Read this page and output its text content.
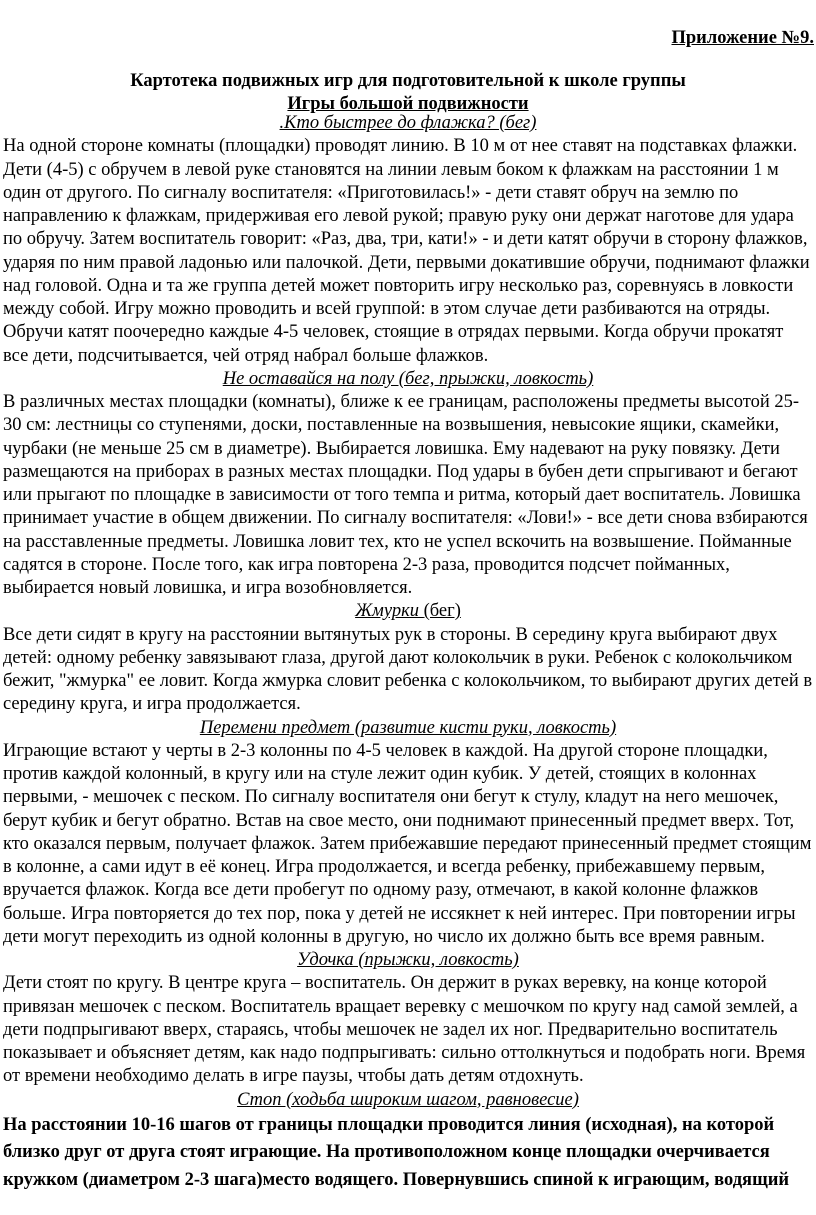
Приложение №9.
Картотека подвижных игр для подготовительной к школе группы
Игры большой подвижности
.Кто быстрее до флажка? (бег)

На одной стороне комнаты (площадки) проводят линию. В 10 м от нее ставят на подставках флажки. Дети (4-5) с обручем в левой руке становятся на линии левым боком к флажкам на расстоянии 1 м один от другого. По сигналу воспитателя: «Приготовилась!» - дети ставят обруч на землю по направлению к флажкам, придерживая его левой рукой; правую руку они держат наготове для удара по обручу. Затем воспитатель говорит: «Раз, два, три, кати!» - и дети катят обручи в сторону флажков, ударяя по ним правой ладонью или палочкой. Дети, первыми докатившие обручи, поднимают флажки над головой. Одна и та же группа детей может повторить игру несколько раз, соревнуясь в ловкости между собой. Игру можно проводить и всей группой: в этом случае дети разбиваются на отряды. Обручи катят поочередно каждые 4-5 человек, стоящие в отрядах первыми. Когда обручи прокатят все дети, подсчитывается, чей отряд набрал больше флажков.

Не оставайся на полу (бег, прыжки, ловкость)

В различных местах площадки (комнаты), ближе к ее границам, расположены предметы высотой 25-30 см: лестницы со ступенями, доски, поставленные на возвышения, невысокие ящики, скамейки, чурбаки (не меньше 25 см в диаметре). Выбирается ловишка. Ему надевают на руку повязку. Дети размещаются на приборах в разных местах площадки. Под удары в бубен дети спрыгивают и бегают или прыгают по площадке в зависимости от того темпа и ритма, который дает воспитатель. Ловишка принимает участие в общем движении. По сигналу воспитателя: «Лови!» - все дети снова взбираются на расставленные предметы. Ловишка ловит тех, кто не успел вскочить на возвышение. Пойманные садятся в стороне. После того, как игра повторена 2-3 раза, проводится подсчет пойманных, выбирается новый ловишка, и игра возобновляется.

Жмурки (бег)

Все дети сидят в кругу на расстоянии вытянутых рук в стороны. В середину круга выбирают двух детей: одному ребенку завязывают глаза, другой дают колокольчик в руки. Ребенок с колокольчиком бежит, "жмурка" ее ловит. Когда жмурка словит ребенка с колокольчиком, то выбирают других детей в середину круга, и игра продолжается.

Перемени предмет (развитие кисти руки, ловкость)

Играющие встают у черты в 2-3 колонны по 4-5 человек в каждой. На другой стороне площадки, против каждой колонный, в кругу или на стуле лежит один кубик. У детей, стоящих в колоннах первыми, - мешочек с песком. По сигналу воспитателя они бегут к стулу, кладут на него мешочек, берут кубик и бегут обратно. Встав на свое место, они поднимают принесенный предмет вверх. Тот, кто оказался первым, получает флажок. Затем прибежавшие передают принесенный предмет стоящим в колонне, а сами идут в её конец. Игра продолжается, и всегда ребенку, прибежавшему первым, вручается флажок. Когда все дети пробегут по одному разу, отмечают, в какой колонне флажков больше. Игра повторяется до тех пор, пока у детей не иссякнет к ней интерес. При повторении игры дети могут переходить из одной колонны в другую, но число их должно быть все время равным.

Удочка (прыжки, ловкость)

Дети стоят по кругу. В центре круга – воспитатель. Он держит в руках веревку, на конце которой привязан мешочек с песком. Воспитатель вращает веревку с мешочком по кругу над самой землей, а дети подпрыгивают вверх, стараясь, чтобы мешочек не задел их ног. Предварительно воспитатель показывает и объясняет детям, как надо подпрыгивать: сильно оттолкнуться и подобрать ноги. Время от времени необходимо делать в игре паузы, чтобы дать детям отдохнуть.

Стоп (ходьба широким шагом, равновесие)

На расстоянии 10-16 шагов от границы площадки проводится линия (исходная), на которой близко друг от друга стоят играющие. На противоположном конце площадки очерчивается кружком (диаметром 2-3 шага)место водящего. Повернувшись спиной к играющим, водящий
